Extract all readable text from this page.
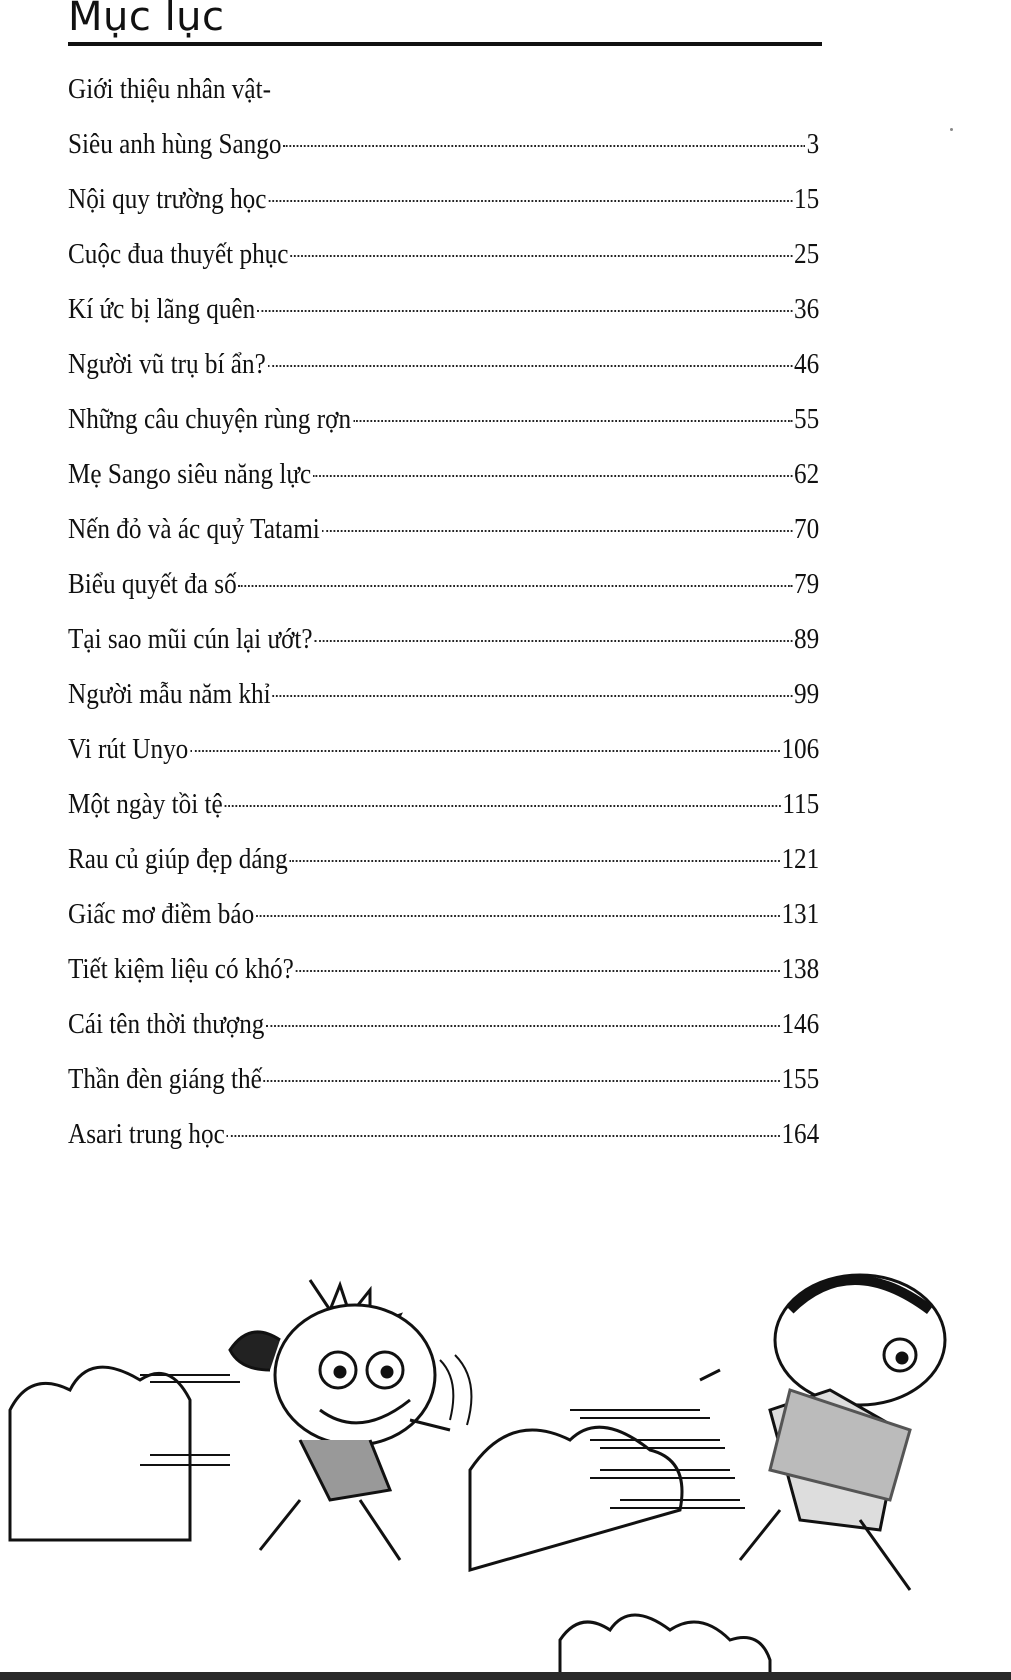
Mục lục
Giới thiệu nhân vật-
Siêu anh hùng Sango	3
Nội quy trường học	15
Cuộc đua thuyết phục	25
Kí ức bị lãng quên	36
Người vũ trụ bí ẩn?	46
Những câu chuyện rùng rợn	55
Mẹ Sango siêu năng lực	62
Nến đỏ và ác quỷ Tatami	70
Biểu quyết đa số	79
Tại sao mũi cún lại ướt?	89
Người mẫu năm khỉ	99
Vi rút Unyo	106
Một ngày tồi tệ	115
Rau củ giúp đẹp dáng	121
Giấc mơ điềm báo	131
Tiết kiệm liệu có khó?	138
Cái tên thời thượng	146
Thần đèn giáng thế	155
Asari trung học	164
